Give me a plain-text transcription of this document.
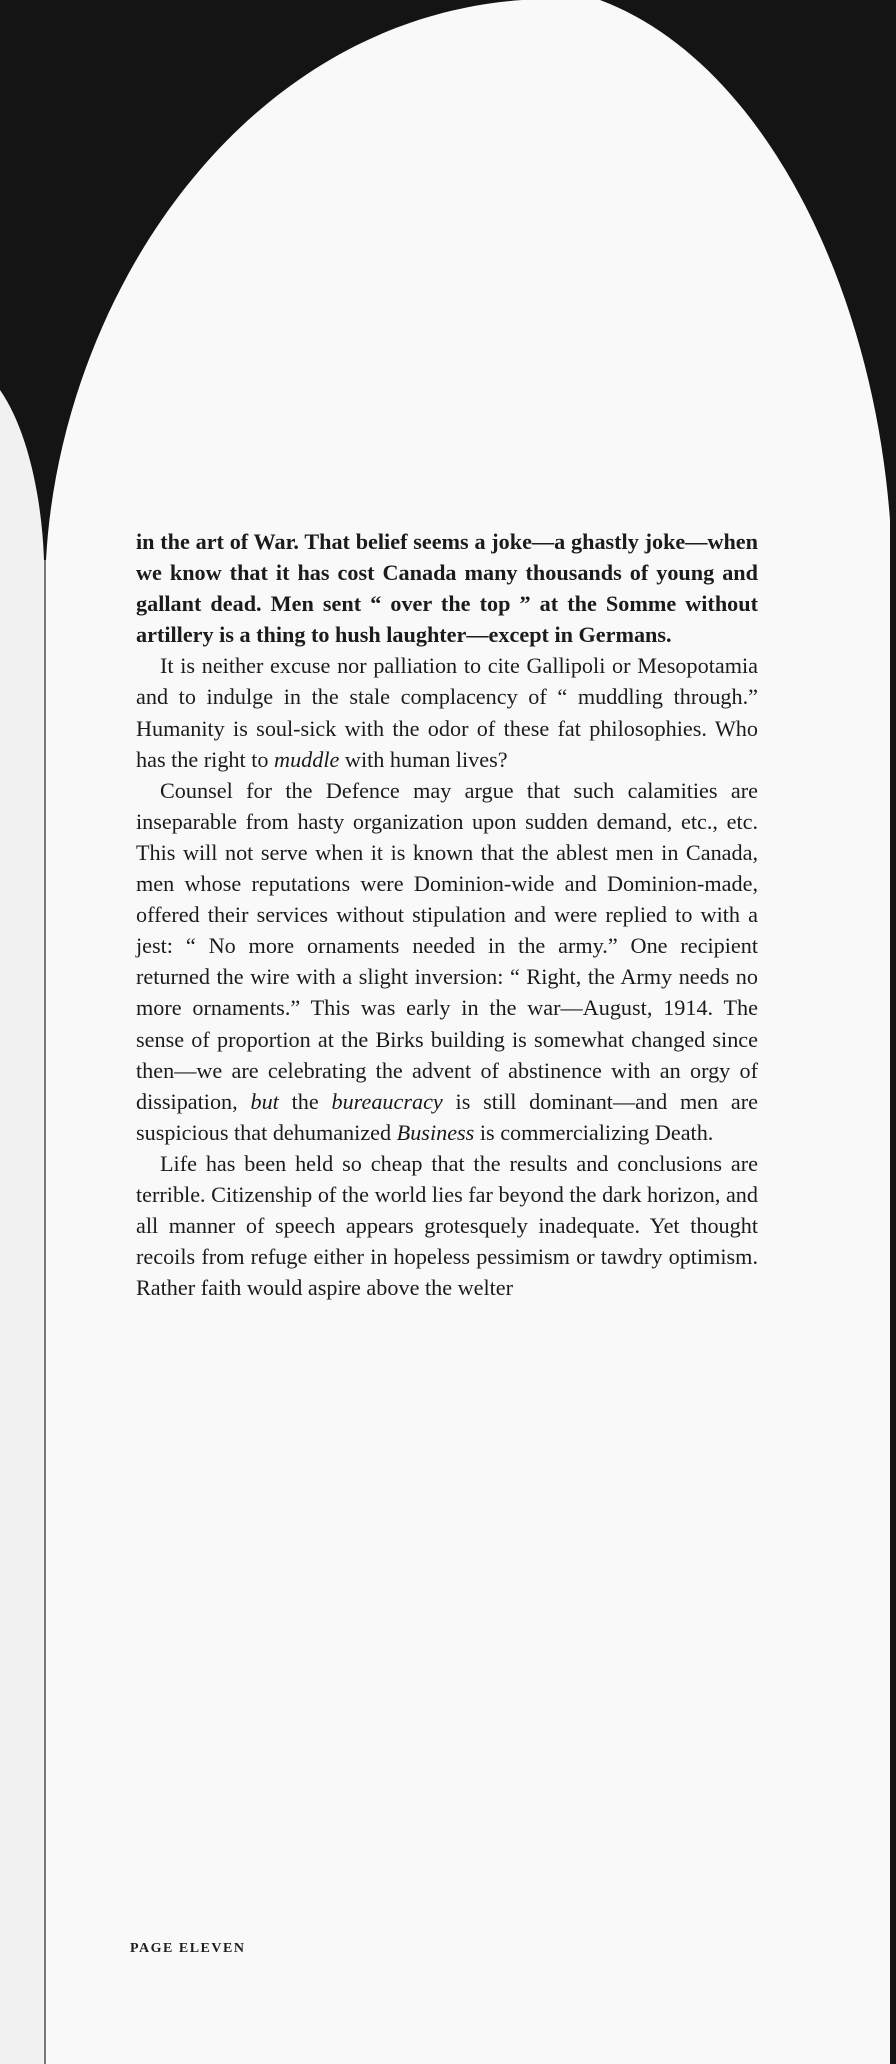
in the art of War. That belief seems a joke—a ghastly joke—when we know that it has cost Canada many thousands of young and gallant dead. Men sent “ over the top ” at the Somme without artillery is a thing to hush laughter—except in Germans.

It is neither excuse nor palliation to cite Gallipoli or Mesopotamia and to indulge in the stale complacency of “ muddling through.” Humanity is soul-sick with the odor of these fat philosophies. Who has the right to muddle with human lives?

Counsel for the Defence may argue that such calamities are inseparable from hasty organization upon sudden demand, etc., etc. This will not serve when it is known that the ablest men in Canada, men whose reputations were Dominion-wide and Dominion-made, offered their services without stipulation and were replied to with a jest: “ No more ornaments needed in the army.” One recipient returned the wire with a slight inversion: “ Right, the Army needs no more ornaments.” This was early in the war—August, 1914. The sense of proportion at the Birks building is somewhat changed since then—we are celebrating the advent of abstinence with an orgy of dissipation, but the bureaucracy is still dominant—and men are suspicious that dehumanized Business is commercializing Death.

Life has been held so cheap that the results and conclusions are terrible. Citizenship of the world lies far beyond the dark horizon, and all manner of speech appears grotesquely inadequate. Yet thought recoils from refuge either in hopeless pessimism or tawdry optimism. Rather faith would aspire above the welter

PAGE ELEVEN
